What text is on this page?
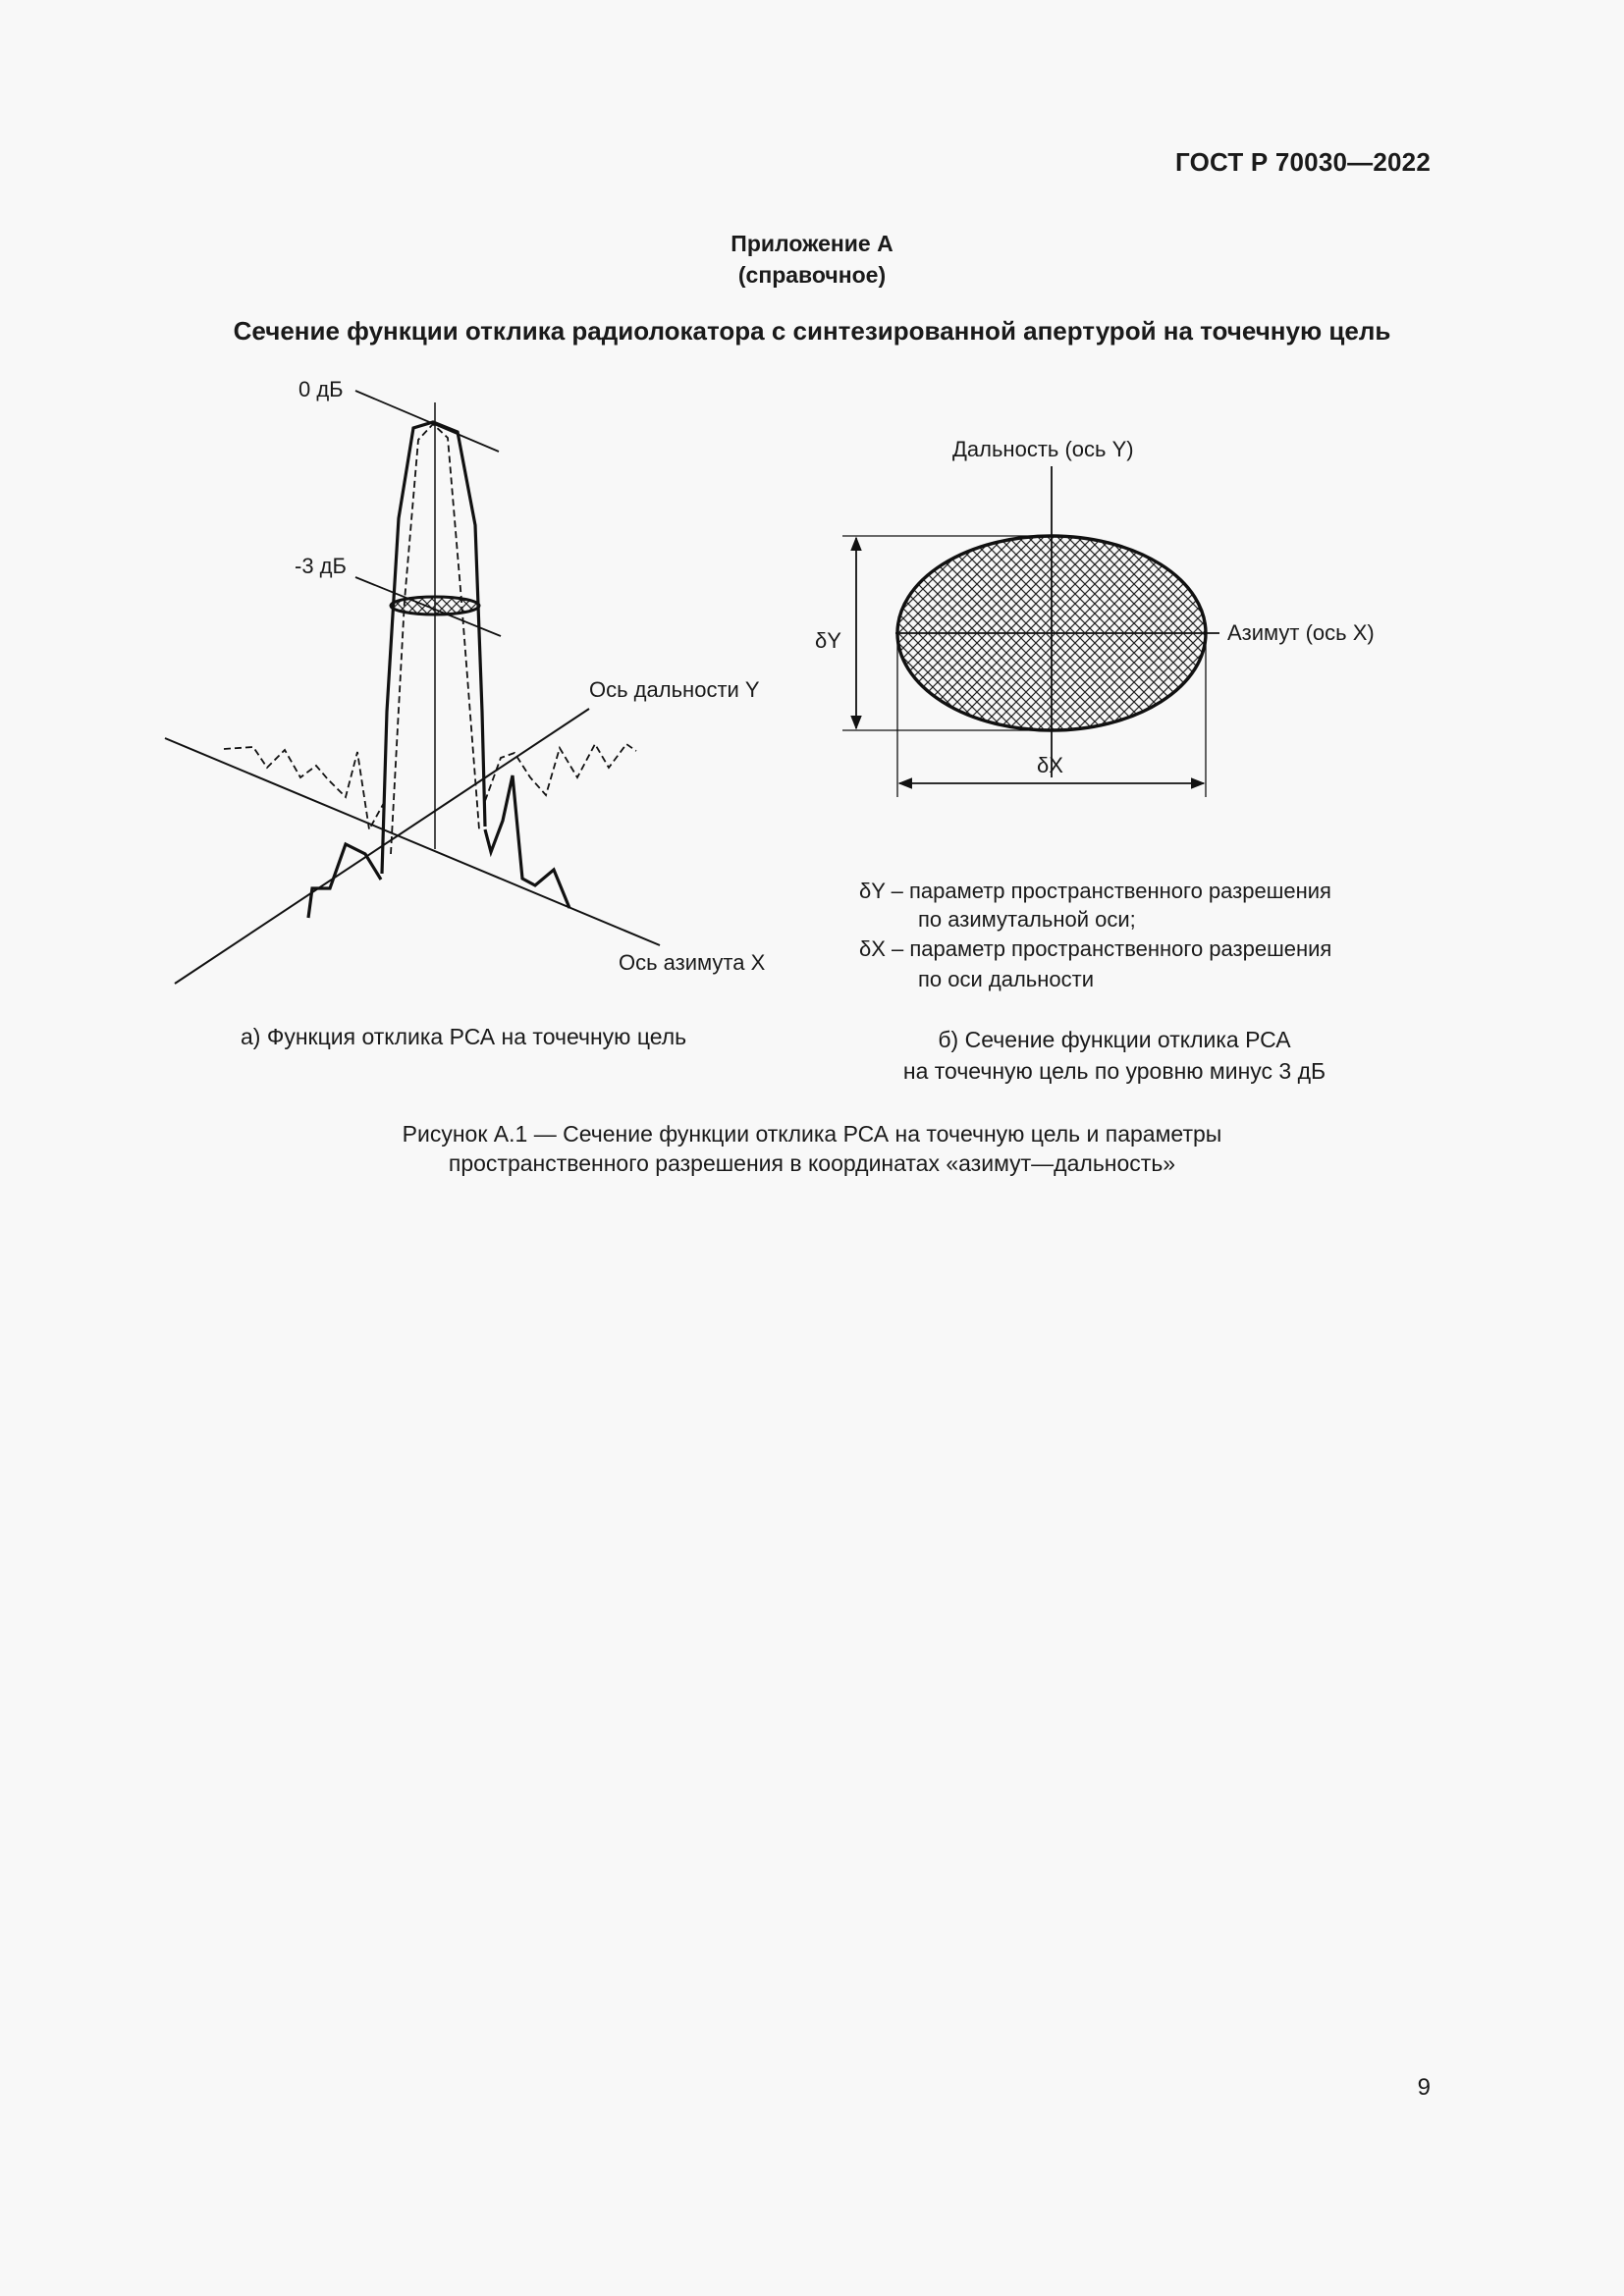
ГОСТ Р 70030—2022
Приложение А
(справочное)
Сечение функции отклика радиолокатора с синтезированной апертурой на точечную цель
0 дБ
-3 дБ
Ось дальности Y
Ось азимута X
Дальность (ось Y)
Азимут (ось X)
δY
δX
δY – параметр пространственного разрешения
по азимутальной оси;
δX – параметр пространственного разрешения
по оси дальности
а) Функция отклика РСА на точечную цель	б) Сечение функции отклика РСА
на точечную цель по уровню минус 3 дБ
Рисунок А.1 — Сечение функции отклика РСА на точечную цель и параметры
пространственного разрешения в координатах «азимут—дальность»
9
